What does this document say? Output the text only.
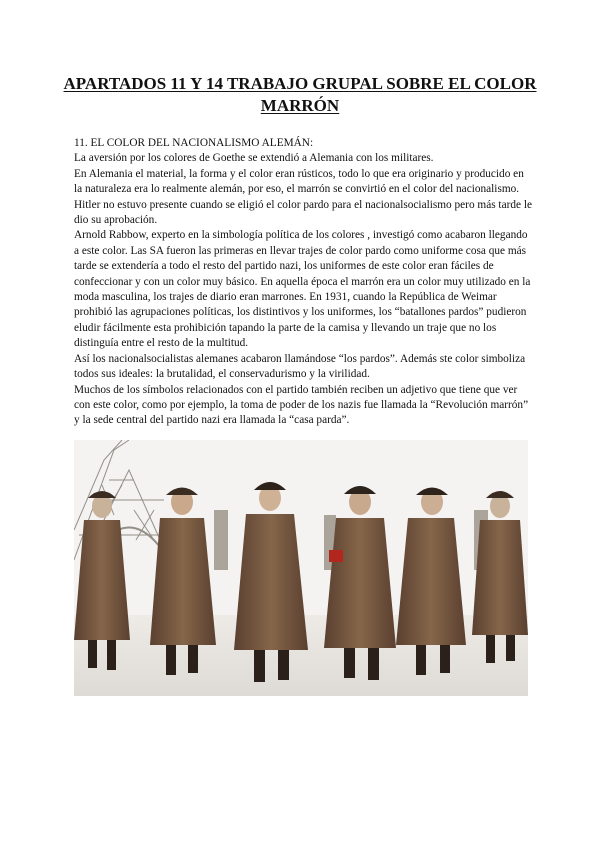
APARTADOS 11 Y 14 TRABAJO GRUPAL SOBRE EL COLOR MARRÓN

11. EL COLOR DEL NACIONALISMO ALEMÁN:

La aversión por los colores de Goethe se extendió a Alemania con los militares.

En Alemania el material, la forma y el color eran rústicos, todo lo que era originario y producido en la naturaleza era lo realmente alemán, por eso, el marrón se convirtió en el color del nacionalismo. Hitler no estuvo presente cuando se eligió el color pardo para el nacionalsocialismo pero más tarde le dio su aprobación.

Arnold Rabbow, experto en la simbología política de los colores , investigó como acabaron llegando a este color. Las SA fueron las primeras en llevar trajes de color pardo como uniforme cosa que más tarde se extendería a todo el resto del partido nazi, los uniformes de este color eran fáciles de confeccionar y con un color muy básico. En aquella época el marrón era un color muy utilizado en la moda masculina, los trajes de diario eran marrones. En 1931, cuando la República de Weimar prohibió las agrupaciones políticas, los distintivos y los uniformes, los “batallones pardos” pudieron eludir fácilmente esta prohibición tapando la parte de la camisa y llevando un traje que no los distinguía entre el resto de la multitud.

Así los nacionalsocialistas alemanes acabaron llamándose “los pardos”. Además ste color simboliza todos sus ideales: la brutalidad, el conservadurismo y la virilidad.

Muchos de los símbolos relacionados con el partido también reciben un adjetivo que tiene que ver con este color, como por ejemplo, la toma de poder de los nazis fue llamada la “Revolución marrón” y la sede central del partido nazi era llamada la “casa parda”.
